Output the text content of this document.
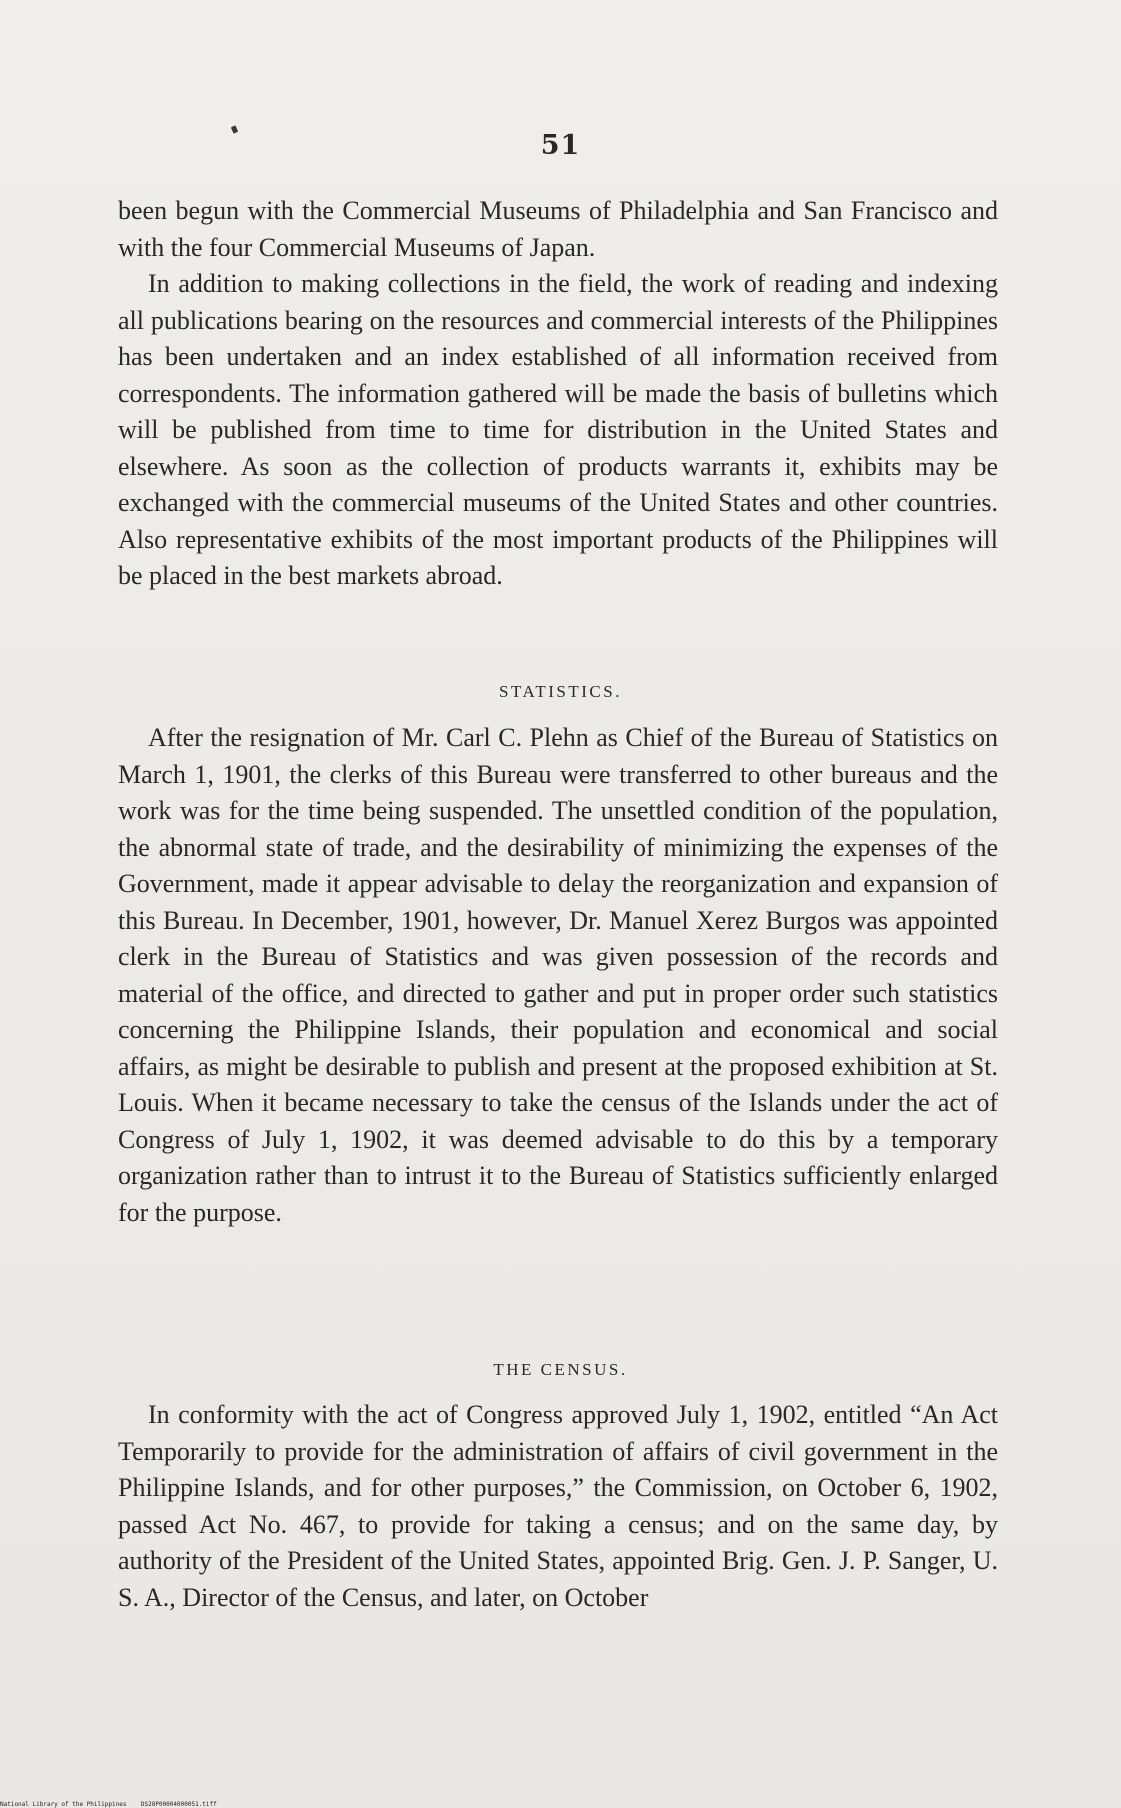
51

been begun with the Commercial Museums of Philadelphia and San Francisco and with the four Commercial Museums of Japan.

In addition to making collections in the field, the work of reading and indexing all publications bearing on the resources and commercial interests of the Philippines has been undertaken and an index established of all information received from correspondents. The information gathered will be made the basis of bulletins which will be published from time to time for distribution in the United States and elsewhere. As soon as the collection of products warrants it, exhibits may be exchanged with the commercial museums of the United States and other countries. Also representative exhibits of the most important products of the Philippines will be placed in the best markets abroad.

STATISTICS.

After the resignation of Mr. Carl C. Plehn as Chief of the Bureau of Statistics on March 1, 1901, the clerks of this Bureau were transferred to other bureaus and the work was for the time being suspended. The unsettled condition of the population, the abnormal state of trade, and the desirability of minimizing the expenses of the Government, made it appear advisable to delay the reorganization and expansion of this Bureau. In December, 1901, however, Dr. Manuel Xerez Burgos was appointed clerk in the Bureau of Statistics and was given possession of the records and material of the office, and directed to gather and put in proper order such statistics concerning the Philippine Islands, their population and economical and social affairs, as might be desirable to publish and present at the proposed exhibition at St. Louis. When it became necessary to take the census of the Islands under the act of Congress of July 1, 1902, it was deemed advisable to do this by a temporary organization rather than to intrust it to the Bureau of Statistics sufficiently enlarged for the purpose.

THE CENSUS.

In conformity with the act of Congress approved July 1, 1902, entitled “An Act Temporarily to provide for the administration of affairs of civil government in the Philippine Islands, and for other purposes,” the Commission, on October 6, 1902, passed Act No. 467, to provide for taking a census; and on the same day, by authority of the President of the United States, appointed Brig. Gen. J. P. Sanger, U. S. A., Director of the Census, and later, on October

National Library of the Philippines DS28P00004000051.tiff
